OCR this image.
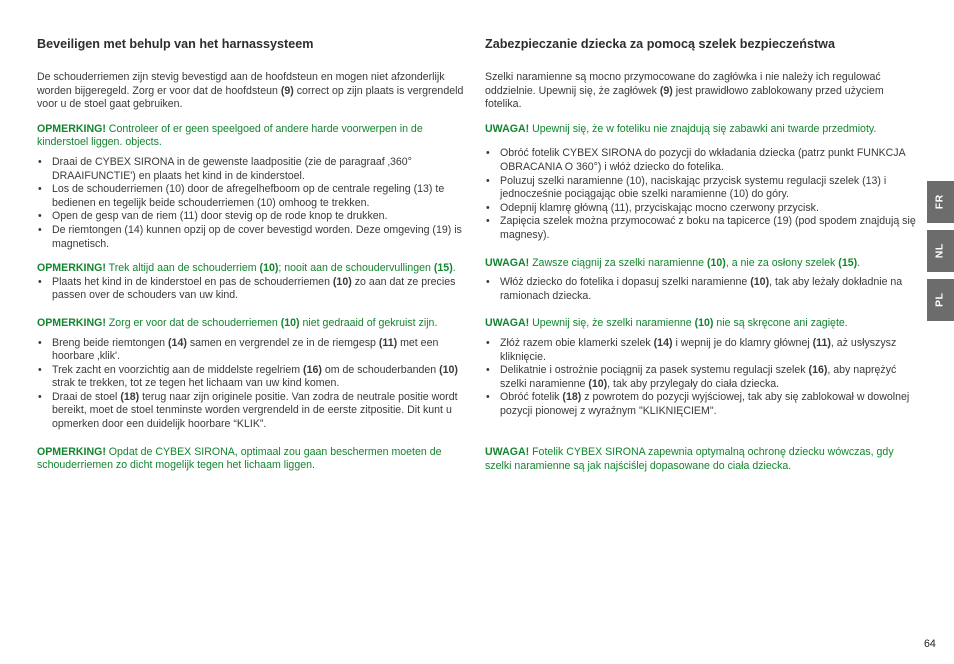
Beveiligen met behulp van het harnassysteem

De schouderriemen zijn stevig bevestigd aan de hoofdsteun en mogen niet afzonderlijk worden bijgeregeld. Zorg er voor dat de hoofdsteun (9) correct op zijn plaats is vergrendeld voor u de stoel gaat gebruiken.

OPMERKING! Controleer of er geen speelgoed of andere harde voorwerpen in de kinderstoel liggen. objects.

• Draai de CYBEX SIRONA in de gewenste laadpositie (zie de paragraaf ‚360° DRAAIFUNCTIE') en plaats het kind in de kinderstoel.
• Los de schouderriemen (10) door de afregelhefboom op de centrale regeling (13) te bedienen en tegelijk beide schouderriemen (10) omhoog te trekken.
• Open de gesp van de riem (11) door stevig op de rode knop te drukken.
• De riemtongen (14) kunnen opzij op de cover bevestigd worden. Deze omgeving (19) is magnetisch.

OPMERKING! Trek altijd aan de schouderriem (10); nooit aan de schoudervullingen (15).

• Plaats het kind in de kinderstoel en pas de schouderriemen (10) zo aan dat ze precies passen over de schouders van uw kind.

OPMERKING! Zorg er voor dat de schouderriemen (10) niet gedraaid of gekruist zijn.

• Breng beide riemtongen (14) samen en vergrendel ze in de riemgesp (11) met een hoorbare ‚klik'.
• Trek zacht en voorzichtig aan de middelste regelriem (16) om de schouderbanden (10) strak te trekken, tot ze tegen het lichaam van uw kind komen.
• Draai de stoel (18) terug naar zijn originele positie. Van zodra de neutrale positie wordt bereikt, moet de stoel tenminste worden vergrendeld in de eerste zitpositie. Dit kunt u opmerken door een duidelijk hoorbare “KLIK”.

OPMERKING! Opdat de CYBEX SIRONA, optimaal zou gaan beschermen moeten de schouderriemen zo dicht mogelijk tegen het lichaam liggen.

Zabezpieczanie dziecka za pomocą szelek bezpieczeństwa

Szelki naramienne są mocno przymocowane do zagłówka i nie należy ich regulować oddzielnie. Upewnij się, że zagłówek (9) jest prawidłowo zablokowany przed użyciem fotelika.

UWAGA! Upewnij się, że w foteliku nie znajdują się zabawki ani twarde przedmioty.

• Obróć fotelik CYBEX SIRONA do pozycji do wkładania dziecka (patrz punkt FUNKCJA OBRACANIA O 360°) i włóż dziecko do fotelika.
• Poluzuj szelki naramienne (10), naciskając przycisk systemu regulacji szelek (13) i jednocześnie pociągając obie szelki naramienne (10) do góry.
• Odepnij klamrę główną (11), przyciskając mocno czerwony przycisk.
• Zapięcia szelek można przymocować z boku na tapicerce (19) (pod spodem znajdują się magnesy).

UWAGA! Zawsze ciągnij za szelki naramienne (10), a nie za osłony szelek (15).

• Włóż dziecko do fotelika i dopasuj szelki naramienne (10), tak aby leżały dokładnie na ramionach dziecka.

UWAGA! Upewnij się, że szelki naramienne (10) nie są skręcone ani zagięte.

• Złóż razem obie klamerki szelek (14) i wepnij je do klamry głównej (11), aż usłyszysz kliknięcie.
• Delikatnie i ostrożnie pociągnij za pasek systemu regulacji szelek (16), aby naprężyć szelki naramienne (10), tak aby przylegały do ciała dziecka.
• Obróć fotelik (18) z powrotem do pozycji wyjściowej, tak aby się zablokował w dowolnej pozycji pionowej z wyraźnym "KLIKNIĘCIEM".

UWAGA! Fotelik CYBEX SIRONA zapewnia optymalną ochronę dziecku wówczas, gdy szelki naramienne są jak najściślej dopasowane do ciała dziecka.

FR
NL
PL
64
